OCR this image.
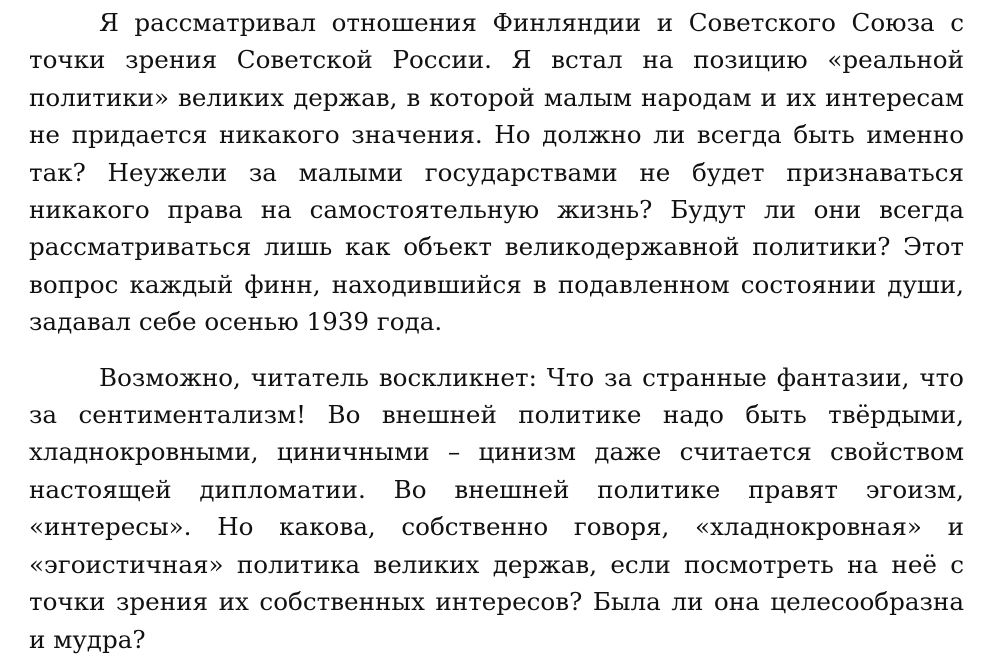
Я рассматривал отношения Финляндии и Советского Союза с точки зрения Советской России. Я встал на позицию «реальной политики» великих держав, в которой малым народам и их интересам не придается никакого значения. Но должно ли всегда быть именно так? Неужели за малыми государствами не будет признаваться никакого права на самостоятельную жизнь? Будут ли они всегда рассматриваться лишь как объект великодержавной политики? Этот вопрос каждый финн, находившийся в подавленном состоянии души, задавал себе осенью 1939 года.

Возможно, читатель воскликнет: Что за странные фантазии, что за сентиментализм! Во внешней политике надо быть твёрдыми, хладнокровными, циничными – цинизм даже считается свойством настоящей дипломатии. Во внешней политике правят эгоизм, «интересы». Но какова, собственно говоря, «хладнокровная» и «эгоистичная» политика великих держав, если посмотреть на неё с точки зрения их собственных интересов? Была ли она целесообразна и мудра?
